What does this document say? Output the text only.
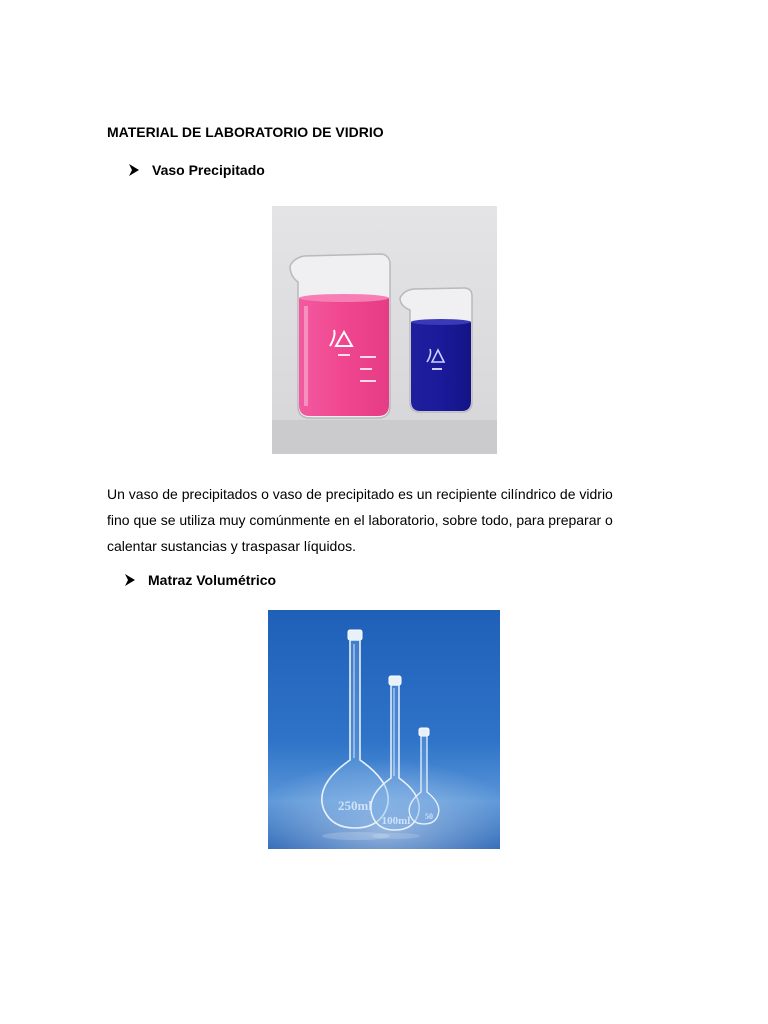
MATERIAL DE LABORATORIO DE VIDRIO
Vaso Precipitado

Un vaso de precipitados o vaso de precipitado es un recipiente cilíndrico de vidrio
fino que se utiliza muy comúnmente en el laboratorio, sobre todo, para preparar o
calentar sustancias y traspasar líquidos.

Matraz Volumétrico
250ml
100ml 50
